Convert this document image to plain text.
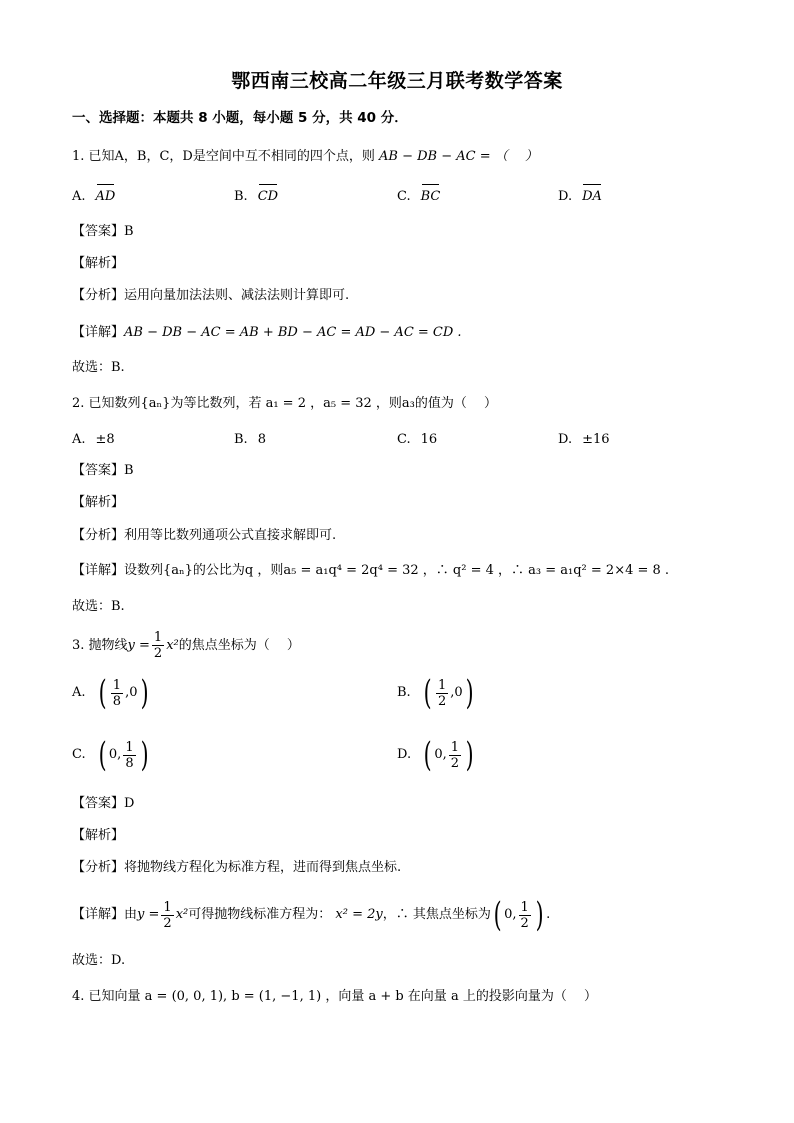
鄂西南三校高二年级三月联考数学答案
一、选择题：本题共 8 小题，每小题 5 分，共 40 分．
1. 已知A，B，C，D是空间中互不相同的四个点，则 AB − DB − AC = （　 ）
A. AD	B. CD	C. BC	D. DA
【答案】B
【解析】
【分析】运用向量加法法则、减法法则计算即可.
【详解】AB − DB − AC = AB + BD − AC = AD − AC = CD .
故选：B.
2. 已知数列{aₙ}为等比数列，若 a₁ = 2 ，a₅ = 32 ，则a₃的值为（　 ）
A. ±8	B. 8	C. 16	D. ±16
【答案】B
【解析】
【分析】利用等比数列通项公式直接求解即可.
【详解】设数列{aₙ}的公比为q ，则a₅ = a₁q⁴ = 2q⁴ = 32 ，∴ q² = 4 ，∴ a₃ = a₁q² = 2×4 = 8 .
故选：B.
3. 抛物线$y = \frac{1}{2} x^2$的焦点坐标为（　 ）
A. ( $\frac{1}{8}$ , 0 )	B. ( $\frac{1}{2}$ , 0 )
C. ( 0 , $\frac{1}{8}$ )	D. ( 0 , $\frac{1}{2}$ )
【答案】D
【解析】
【分析】将抛物线方程化为标准方程，进而得到焦点坐标.
【详解】 由 $y = \frac{1}{2} x^2$ 可得抛物线标准方程为：
x² = 2y ，∴ 其焦点坐标为 ( 0 , $\frac{1}{2}$ ) .
故选：D.
4. 已知向量 a = (0, 0, 1), b = (1, −1, 1) ，向量 a + b 在向量 a 上的投影向量为（　 ）
